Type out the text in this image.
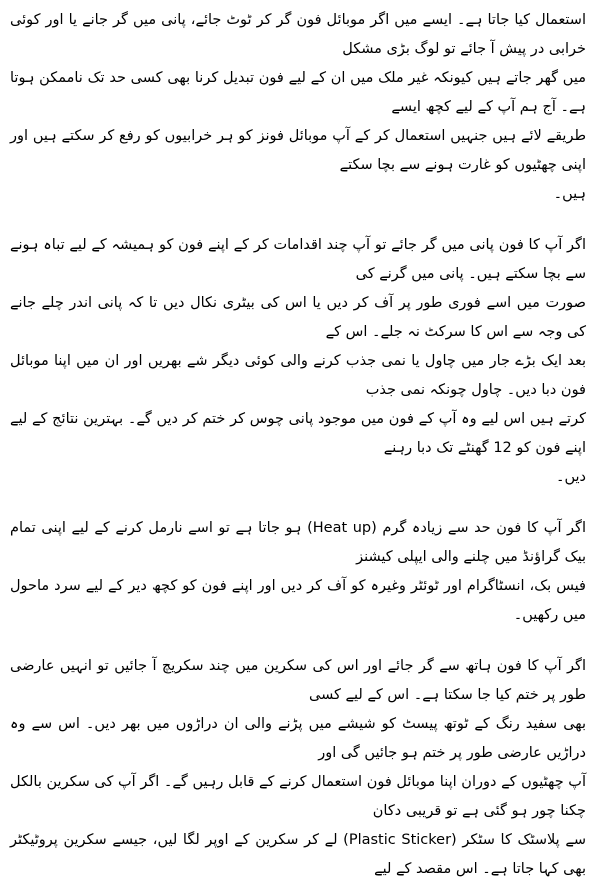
استعمال کیا جاتا ہے۔ ایسے میں اگر موبائل فون گر کر ٹوٹ جائے، پانی میں گر جانے یا اور کوئی خرابی در پیش آ جائے تو لوگ بڑی مشکل
میں گھر جاتے ہیں کیونکہ غیر ملک میں ان کے لیے فون تبدیل کرنا بھی کسی حد تک ناممکن ہوتا ہے۔ آج ہم آپ کے لیے کچھ ایسے
طریقے لائے ہیں جنہیں استعمال کر کے آپ موبائل فونز کو ہر خرابیوں کو رفع کر سکتے ہیں اور اپنی چھٹیوں کو غارت ہونے سے بچا سکتے
ہیں۔

اگر آپ کا فون پانی میں گر جائے تو آپ چند اقدامات کر کے اپنے فون کو ہمیشہ کے لیے تباہ ہونے سے بچا سکتے ہیں۔ پانی میں گرنے کی
صورت میں اسے فوری طور پر آف کر دیں یا اس کی بیٹری نکال دیں تا کہ پانی اندر چلے جانے کی وجہ سے اس کا سرکٹ نہ جلے۔ اس کے
بعد ایک بڑے جار میں چاول یا نمی جذب کرنے والی کوئی دیگر شے بھریں اور ان میں اپنا موبائل فون دبا دیں۔ چاول چونکہ نمی جذب
کرتے ہیں اس لیے وہ آپ کے فون میں موجود پانی چوس کر ختم کر دیں گے۔ بہترین نتائج کے لیے اپنے فون کو 12 گھنٹے تک دبا رہنے
دیں۔

اگر آپ کا فون حد سے زیادہ گرم (Heat up) ہو جاتا ہے تو اسے نارمل کرنے کے لیے اپنی تمام بیک گراؤنڈ میں چلنے والی ایپلی کیشنز
فیس بک، انسٹاگرام اور ٹوئٹر وغیرہ کو آف کر دیں اور اپنے فون کو کچھ دیر کے لیے سرد ماحول میں رکھیں۔

اگر آپ کا فون ہاتھ سے گر جائے اور اس کی سکرین میں چند سکریچ آ جائیں تو انہیں عارضی طور پر ختم کیا جا سکتا ہے۔ اس کے لیے کسی
بھی سفید رنگ کے ٹوتھ پیسٹ کو شیشے میں پڑنے والی ان دراڑوں میں بھر دیں۔ اس سے وہ دراڑیں عارضی طور پر ختم ہو جائیں گی اور
آپ چھٹیوں کے دوران اپنا موبائل فون استعمال کرنے کے قابل رہیں گے۔ اگر آپ کی سکرین بالکل چکنا چور ہو گئی ہے تو قریبی دکان
سے پلاسٹک کا سٹکر (Plastic Sticker) لے کر سکرین کے اوپر لگا لیں، جیسے سکرین پروٹیکٹر بھی کہا جاتا ہے۔ اس مقصد کے لیے
